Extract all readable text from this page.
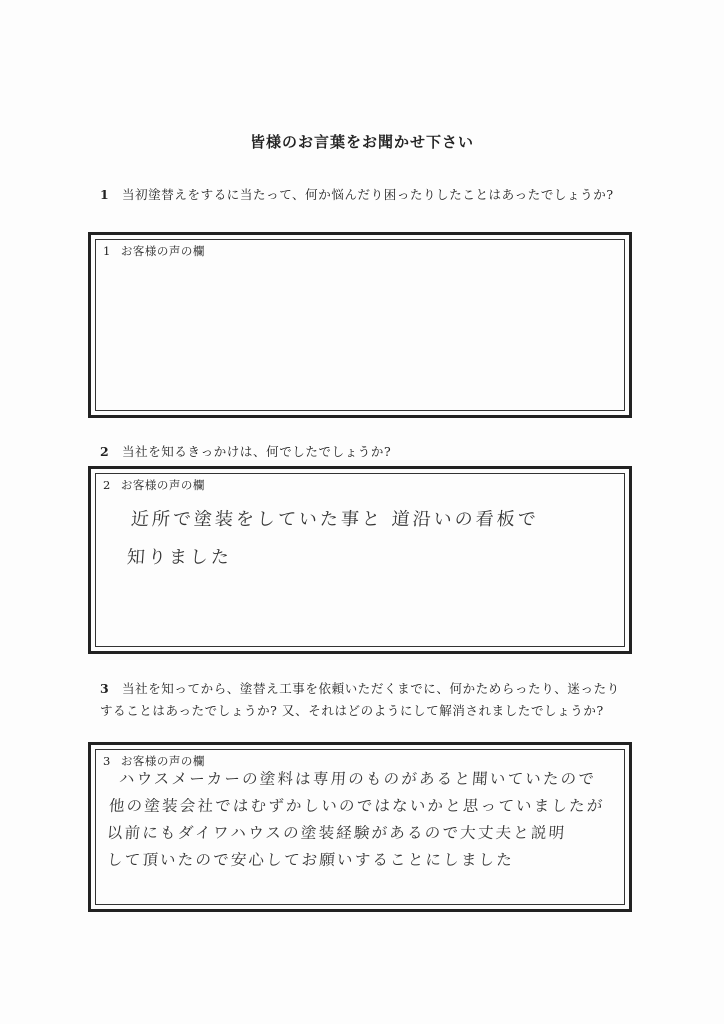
皆様のお言葉をお聞かせ下さい
1 当初塗替えをするに当たって、何か悩んだり困ったりしたことはあったでしょうか?
1 お客様の声の欄
2 当社を知るきっかけは、何でしたでしょうか?
2 お客様の声の欄
近所で塗装をしていた事と 道沿いの看板で
知りました
3 当社を知ってから、塗替え工事を依頼いただくまでに、何かためらったり、迷ったりすることはあったでしょうか? 又、それはどのようにして解消されましたでしょうか?
3 お客様の声の欄
ハウスメーカーの塗料は専用のものがあると聞いていたので
他の塗装会社ではむずかしいのではないかと思っていましたが
以前にもダイワハウスの塗装経験があるので大丈夫と説明
して頂いたので安心してお願いすることにしました
